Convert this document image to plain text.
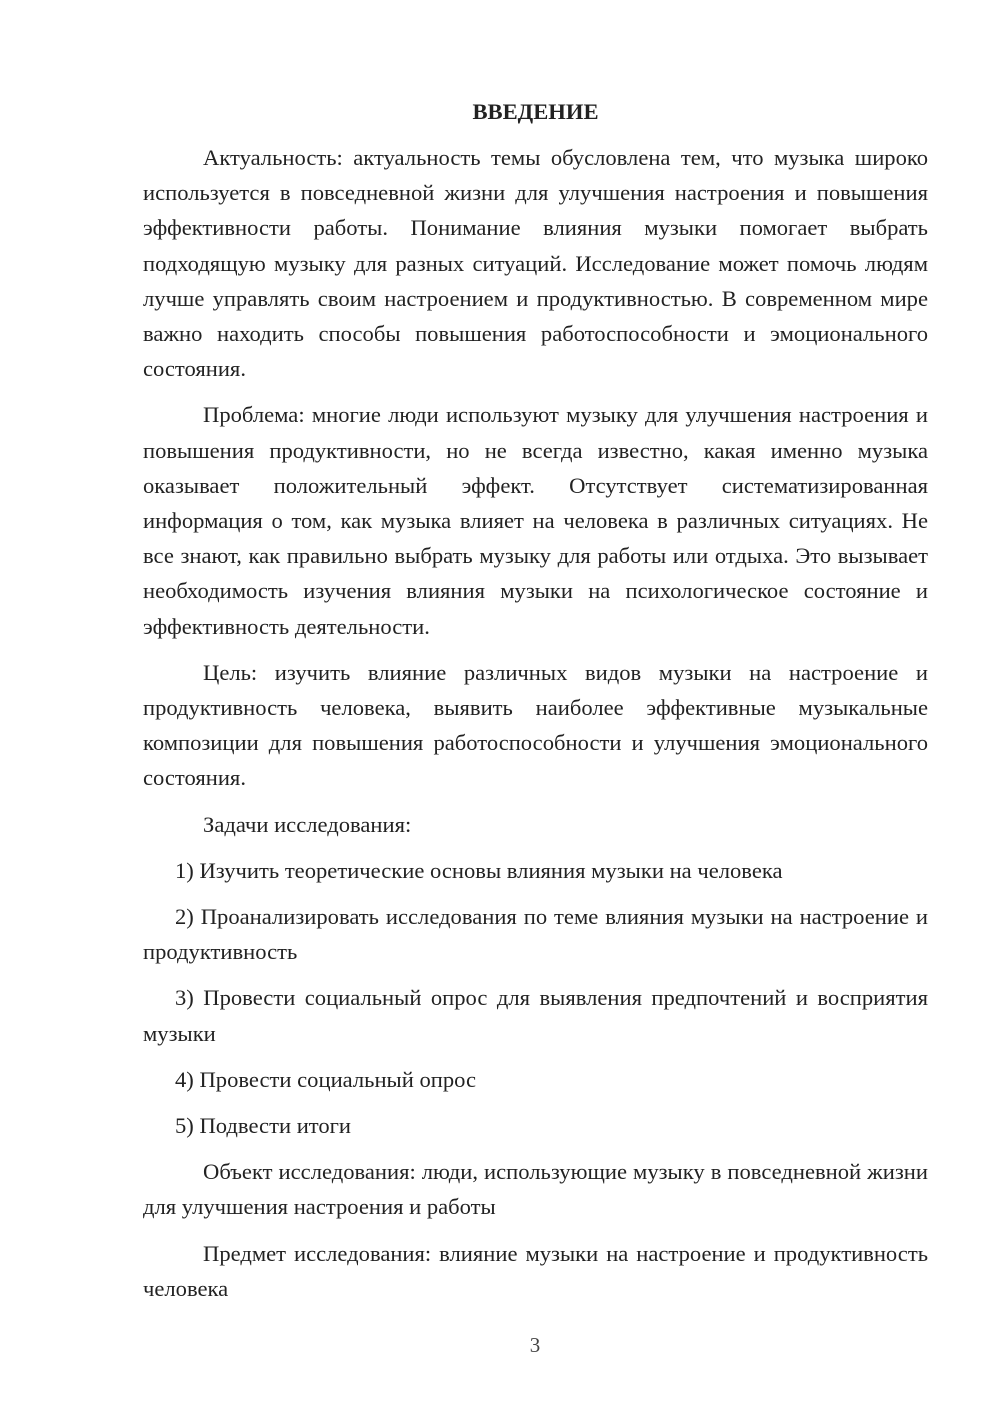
ВВЕДЕНИЕ

Актуальность: актуальность темы обусловлена тем, что музыка широко используется в повседневной жизни для улучшения настроения и повышения эффективности работы. Понимание влияния музыки помогает выбрать подходящую музыку для разных ситуаций. Исследование может помочь людям лучше управлять своим настроением и продуктивностью. В современном мире важно находить способы повышения работоспособности и эмоционального состояния.

Проблема: многие люди используют музыку для улучшения настроения и повышения продуктивности, но не всегда известно, какая именно музыка оказывает положительный эффект. Отсутствует систематизированная информация о том, как музыка влияет на человека в различных ситуациях. Не все знают, как правильно выбрать музыку для работы или отдыха. Это вызывает необходимость изучения влияния музыки на психологическое состояние и эффективность деятельности.

Цель: изучить влияние различных видов музыки на настроение и продуктивность человека, выявить наиболее эффективные музыкальные композиции для повышения работоспособности и улучшения эмоционального состояния.

Задачи исследования:

1) Изучить теоретические основы влияния музыки на человека

2) Проанализировать исследования по теме влияния музыки на настроение и продуктивность

3) Провести социальный опрос для выявления предпочтений и восприятия музыки

4) Провести социальный опрос

5) Подвести итоги

Объект исследования: люди, использующие музыку в повседневной жизни для улучшения настроения и работы

Предмет исследования: влияние музыки на настроение и продуктивность человека

3
